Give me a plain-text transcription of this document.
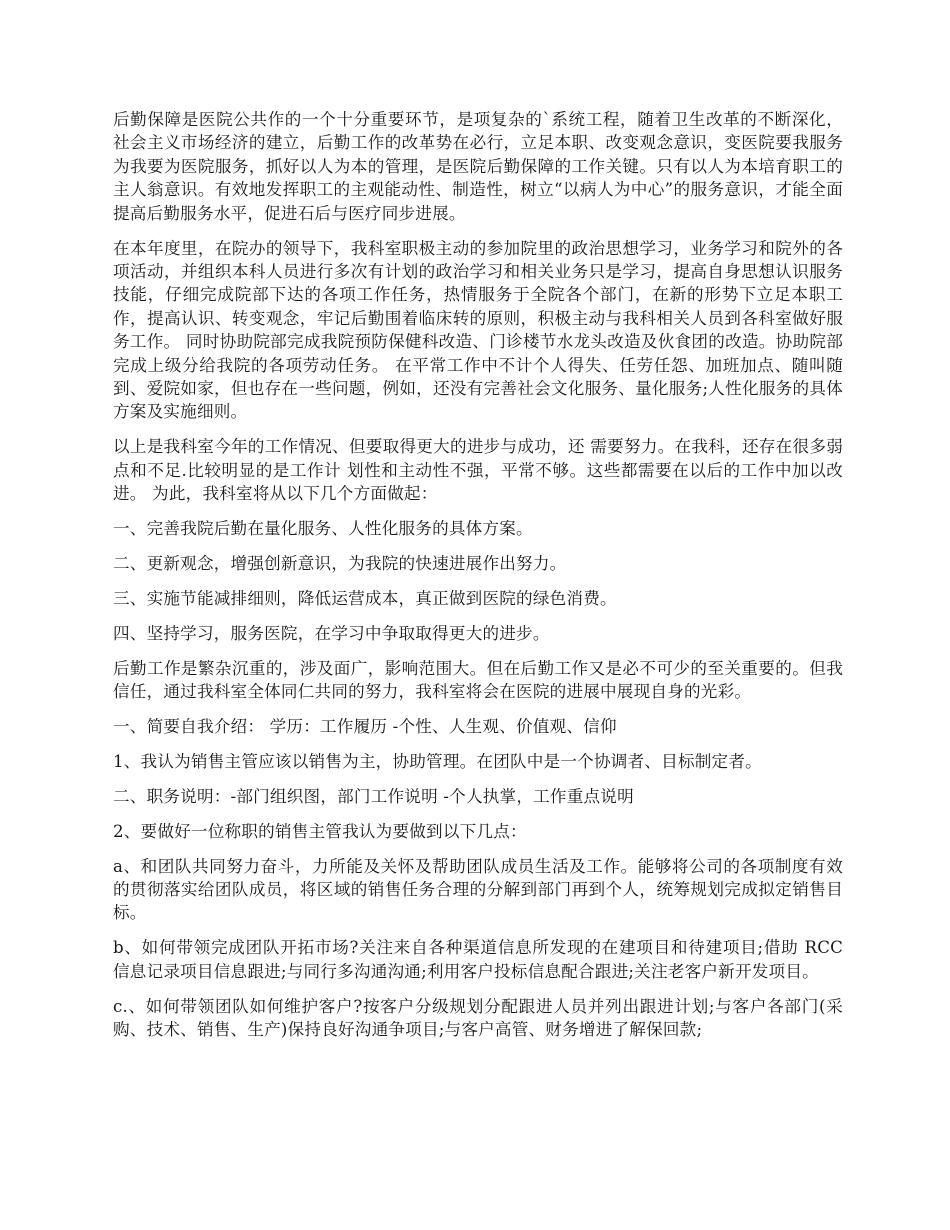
后勤保障是医院公共作的一个十分重要环节，是项复杂的`系统工程，随着卫生改革的不断深化，社会主义市场经济的建立，后勤工作的改革势在必行，立足本职、改变观念意识，变医院要我服务为我要为医院服务，抓好以人为本的管理，是医院后勤保障的工作关键。只有以人为本培育职工的主人翁意识。有效地发挥职工的主观能动性、制造性，树立“以病人为中心”的服务意识，才能全面提高后勤服务水平，促进石后与医疗同步进展。

在本年度里，在院办的领导下，我科室职极主动的参加院里的政治思想学习，业务学习和院外的各项活动，并组织本科人员进行多次有计划的政治学习和相关业务只是学习，提高自身思想认识服务技能，仔细完成院部下达的各项工作任务，热情服务于全院各个部门，在新的形势下立足本职工作，提高认识、转变观念，牢记后勤围着临床转的原则，积极主动与我科相关人员到各科室做好服务工作。 同时协助院部完成我院预防保健科改造、门诊楼节水龙头改造及伙食团的改造。协助院部完成上级分给我院的各项劳动任务。 在平常工作中不计个人得失、任劳任怨、加班加点、随叫随到、爱院如家，但也存在一些问题，例如，还没有完善社会文化服务、量化服务;人性化服务的具体方案及实施细则。

以上是我科室今年的工作情况、但要取得更大的进步与成功，还 需要努力。在我科，还存在很多弱点和不足.比较明显的是工作计 划性和主动性不强，平常不够。这些都需要在以后的工作中加以改进。 为此，我科室将从以下几个方面做起：

一、完善我院后勤在量化服务、人性化服务的具体方案。

二、更新观念，增强创新意识，为我院的快速进展作出努力。

三、实施节能减排细则，降低运营成本，真正做到医院的绿色消费。

四、坚持学习，服务医院，在学习中争取取得更大的进步。

后勤工作是繁杂沉重的，涉及面广，影响范围大。但在后勤工作又是必不可少的至关重要的。但我信任，通过我科室全体同仁共同的努力，我科室将会在医院的进展中展现自身的光彩。

一、简要自我介绍： 学历：工作履历 -个性、人生观、价值观、信仰

1、我认为销售主管应该以销售为主，协助管理。在团队中是一个协调者、目标制定者。

二、职务说明：-部门组织图，部门工作说明 -个人执掌，工作重点说明

2、要做好一位称职的销售主管我认为要做到以下几点：

a、和团队共同努力奋斗，力所能及关怀及帮助团队成员生活及工作。能够将公司的各项制度有效的贯彻落实给团队成员，将区域的销售任务合理的分解到部门再到个人，统筹规划完成拟定销售目标。

b、如何带领完成团队开拓市场?关注来自各种渠道信息所发现的在建项目和待建项目;借助 RCC 信息记录项目信息跟进;与同行多沟通沟通;利用客户投标信息配合跟进;关注老客户新开发项目。

c.、如何带领团队如何维护客户?按客户分级规划分配跟进人员并列出跟进计划;与客户各部门(采购、技术、销售、生产)保持良好沟通争项目;与客户高管、财务增进了解保回款;
